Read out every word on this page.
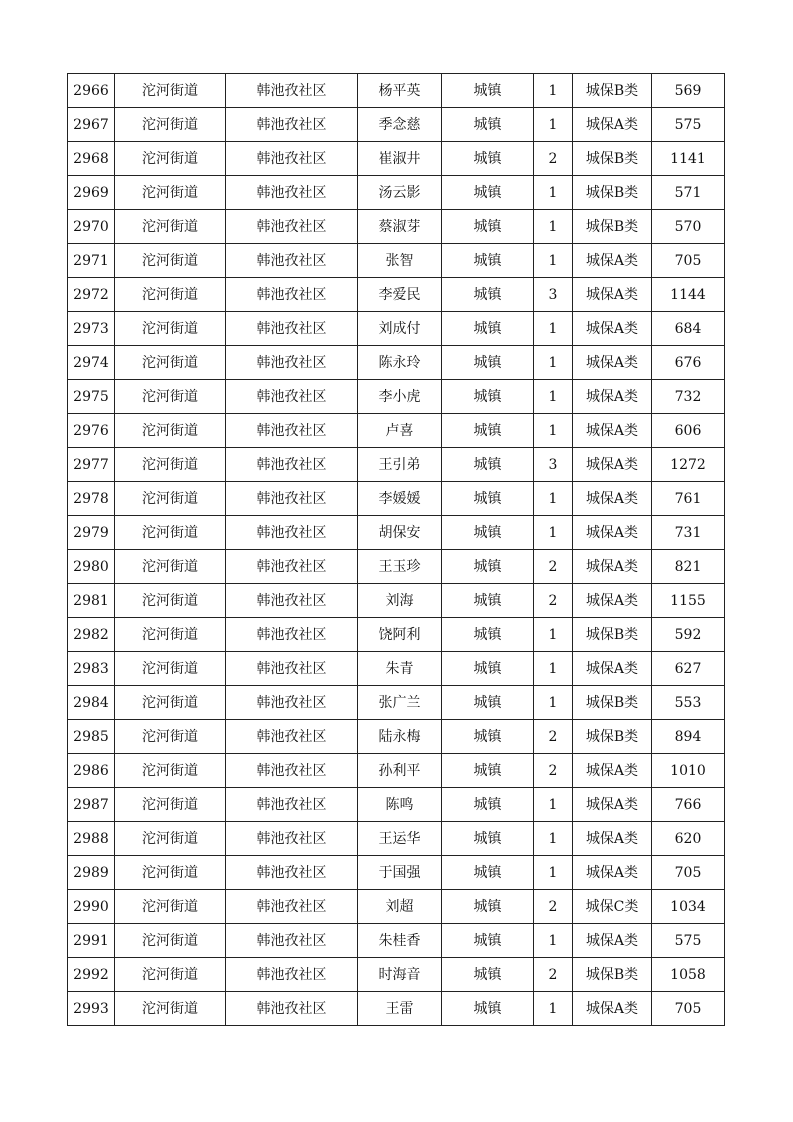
2966	沱河街道	韩池孜社区	杨平英	城镇	1	城保B类	569
2967	沱河街道	韩池孜社区	季念慈	城镇	1	城保A类	575
2968	沱河街道	韩池孜社区	崔淑井	城镇	2	城保B类	1141
2969	沱河街道	韩池孜社区	汤云影	城镇	1	城保B类	571
2970	沱河街道	韩池孜社区	蔡淑芽	城镇	1	城保B类	570
2971	沱河街道	韩池孜社区	张智	城镇	1	城保A类	705
2972	沱河街道	韩池孜社区	李爱民	城镇	3	城保A类	1144
2973	沱河街道	韩池孜社区	刘成付	城镇	1	城保A类	684
2974	沱河街道	韩池孜社区	陈永玲	城镇	1	城保A类	676
2975	沱河街道	韩池孜社区	李小虎	城镇	1	城保A类	732
2976	沱河街道	韩池孜社区	卢喜	城镇	1	城保A类	606
2977	沱河街道	韩池孜社区	王引弟	城镇	3	城保A类	1272
2978	沱河街道	韩池孜社区	李媛媛	城镇	1	城保A类	761
2979	沱河街道	韩池孜社区	胡保安	城镇	1	城保A类	731
2980	沱河街道	韩池孜社区	王玉珍	城镇	2	城保A类	821
2981	沱河街道	韩池孜社区	刘海	城镇	2	城保A类	1155
2982	沱河街道	韩池孜社区	饶阿利	城镇	1	城保B类	592
2983	沱河街道	韩池孜社区	朱青	城镇	1	城保A类	627
2984	沱河街道	韩池孜社区	张广兰	城镇	1	城保B类	553
2985	沱河街道	韩池孜社区	陆永梅	城镇	2	城保B类	894
2986	沱河街道	韩池孜社区	孙利平	城镇	2	城保A类	1010
2987	沱河街道	韩池孜社区	陈鸣	城镇	1	城保A类	766
2988	沱河街道	韩池孜社区	王运华	城镇	1	城保A类	620
2989	沱河街道	韩池孜社区	于国强	城镇	1	城保A类	705
2990	沱河街道	韩池孜社区	刘超	城镇	2	城保C类	1034
2991	沱河街道	韩池孜社区	朱桂香	城镇	1	城保A类	575
2992	沱河街道	韩池孜社区	时海音	城镇	2	城保B类	1058
2993	沱河街道	韩池孜社区	王雷	城镇	1	城保A类	705
